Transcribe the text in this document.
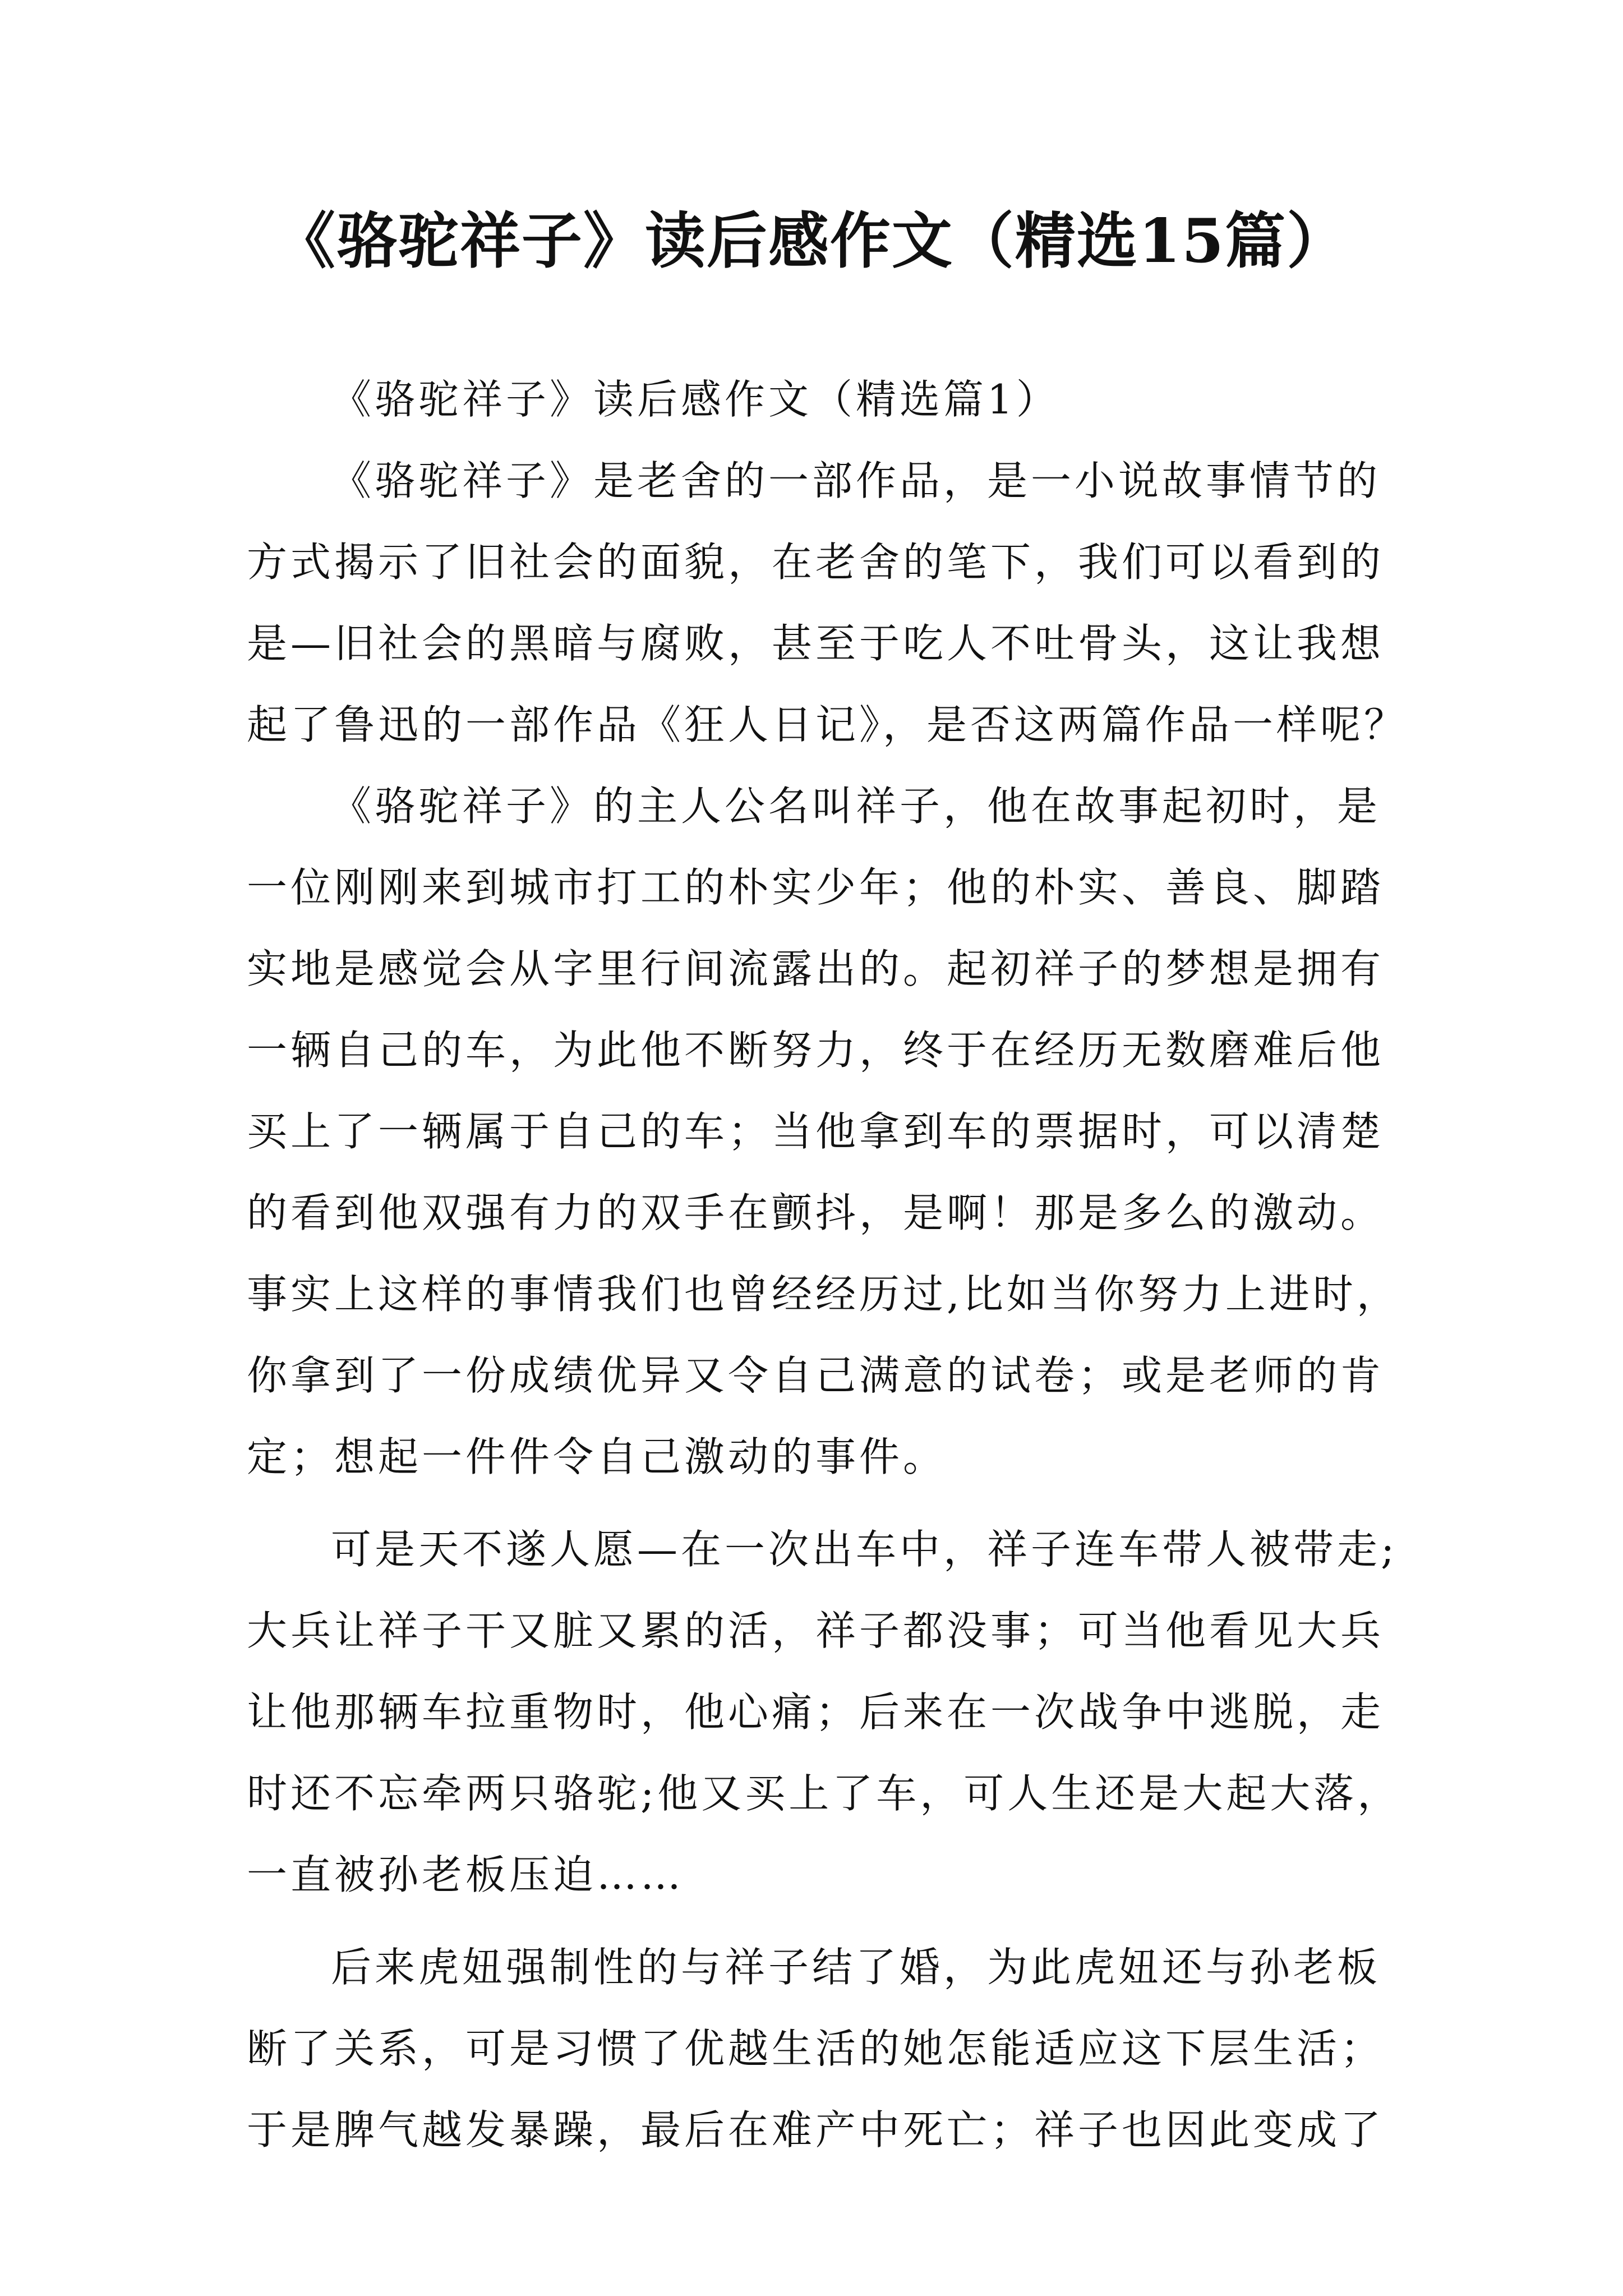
《骆驼祥子》读后感作文（精选15篇）
《骆驼祥子》读后感作文（精选篇1）
《骆驼祥子》是老舍的一部作品，是一小说故事情节的
方式揭示了旧社会的面貌，在老舍的笔下，我们可以看到的
是—旧社会的黑暗与腐败，甚至于吃人不吐骨头，这让我想
起了鲁迅的一部作品《狂人日记》，是否这两篇作品一样呢？
《骆驼祥子》的主人公名叫祥子，他在故事起初时，是
一位刚刚来到城市打工的朴实少年；他的朴实、善良、脚踏
实地是感觉会从字里行间流露出的。起初祥子的梦想是拥有
一辆自己的车，为此他不断努力，终于在经历无数磨难后他
买上了一辆属于自己的车；当他拿到车的票据时，可以清楚
的看到他双强有力的双手在颤抖，是啊！那是多么的激动。
事实上这样的事情我们也曾经经历过,比如当你努力上进时，
你拿到了一份成绩优异又令自己满意的试卷；或是老师的肯
定；想起一件件令自己激动的事件。
可是天不遂人愿—在一次出车中，祥子连车带人被带走;
大兵让祥子干又脏又累的活，祥子都没事；可当他看见大兵
让他那辆车拉重物时，他心痛；后来在一次战争中逃脱，走
时还不忘牵两只骆驼;他又买上了车，可人生还是大起大落，
一直被孙老板压迫……
后来虎妞强制性的与祥子结了婚，为此虎妞还与孙老板
断了关系，可是习惯了优越生活的她怎能适应这下层生活；
于是脾气越发暴躁，最后在难产中死亡；祥子也因此变成了
